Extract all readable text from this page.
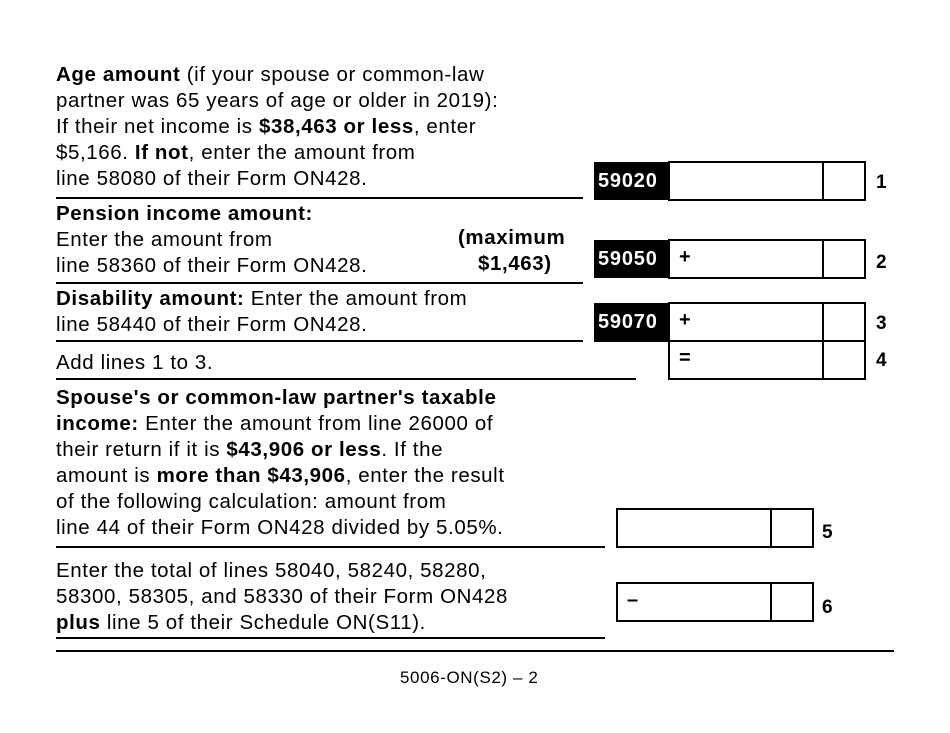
Age amount (if your spouse or common-law
partner was 65 years of age or older in 2019):
If their net income is $38,463 or less, enter
$5,166. If not, enter the amount from
line 58080 of their Form ON428.	59020	1
Pension income amount:
Enter the amount from
line 58360 of their Form ON428.
(maximum
$1,463) 59050	+	2
Disability amount: Enter the amount from
line 58440 of their Form ON428.	59070	+	3
Add lines 1 to 3.	=	4
Spouse's or common-law partner's taxable
income: Enter the amount from line 26000 of
their return if it is $43,906 or less. If the
amount is more than $43,906, enter the result
of the following calculation: amount from
line 44 of their Form ON428 divided by 5.05%.	5
Enter the total of lines 58040, 58240, 58280,
58300, 58305, and 58330 of their Form ON428
plus line 5 of their Schedule ON(S11).
–	6
5006-ON(S2) – 2
